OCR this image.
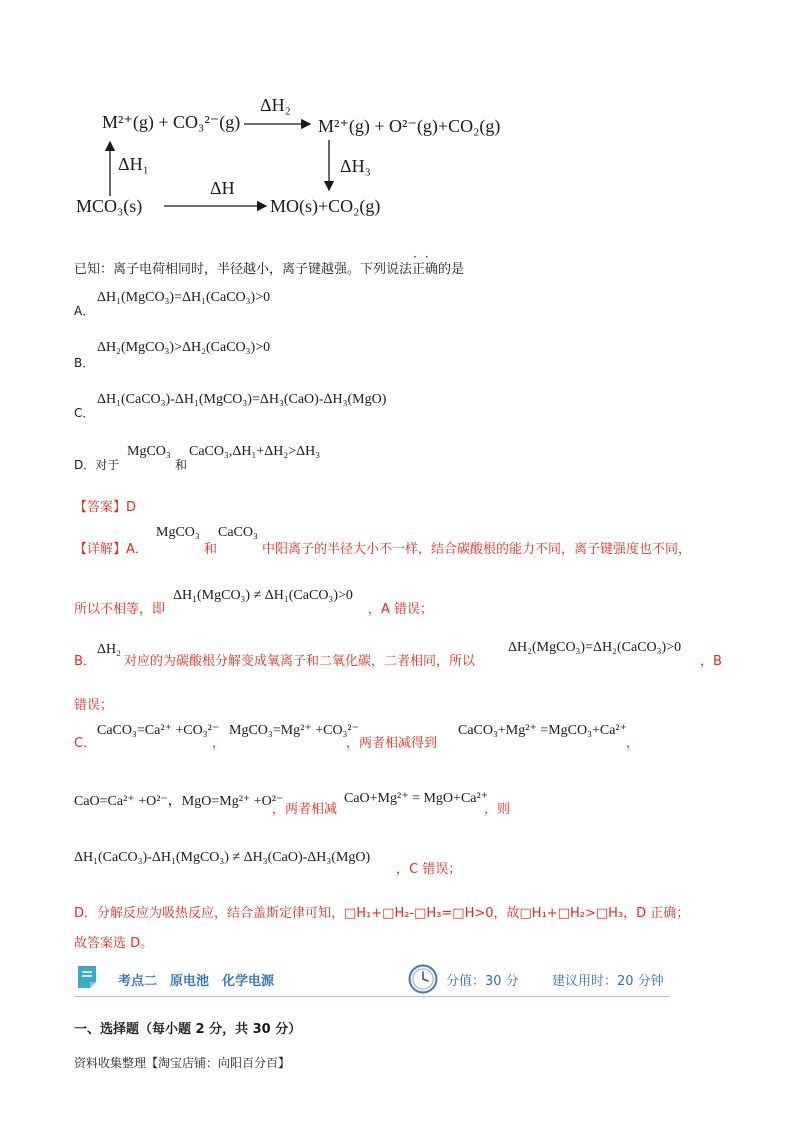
M²⁺(g) + CO₃²⁻(g)	M²⁺(g) + O²⁻(g)+CO₂(g)
MCO₃(s)	MO(s)+CO₂(g)
ΔH₁
ΔH₂
ΔH₃
ΔH
已知：离子电荷相同时，半径越小，离子键越强。下列说法正确的是
··
A．
ΔH₁(MgCO₃)=ΔH₁(CaCO₃)>0
B．
ΔH₂(MgCO₃)>ΔH₂(CaCO₃)>0
C．
ΔH₁(CaCO₃)-ΔH₁(MgCO₃)=ΔH₃(CaO)-ΔH₃(MgO)
D．对于
MgCO₃
和
CaCO₃,ΔH₁+ΔH₂>ΔH₃
【答案】D
【详解】A．
MgCO₃
和
CaCO₃
中阳离子的半径大小不一样，结合碳酸根的能力不同，离子键强度也不同，
所以不相等，即
ΔH₁(MgCO₃) ≠ ΔH₁(CaCO₃)>0
，A 错误；
B．
ΔH₂
对应的为碳酸根分解变成氧离子和二氧化碳，二者相同，所以
ΔH₂(MgCO₃)=ΔH₂(CaCO₃)>0
，B
错误；
C．
CaCO₃=Ca²⁺ +CO₃²⁻
，
MgCO₃=Mg²⁺ +CO₃²⁻
，两者相减得到
CaCO₃+Mg²⁺ =MgCO₃+Ca²⁺
，
CaO=Ca²⁺ +O²⁻，MgO=Mg²⁺ +O²⁻
，两者相减
CaO+Mg²⁺ = MgO+Ca²⁺
，则
ΔH₁(CaCO₃)-ΔH₁(MgCO₃) ≠ ΔH₃(CaO)-ΔH₃(MgO)
，C 错误；
D．分解反应为吸热反应，结合盖斯定律可知，□H₁+□H₂-□H₃=□H>0，故□H₁+□H₂>□H₃，D 正确；
故答案选 D。
考点二　原电池　化学电源	分值：30 分	建议用时：20 分钟
一、选择题（每小题 2 分，共 30 分）
资料收集整理【淘宝店铺：向阳百分百】
